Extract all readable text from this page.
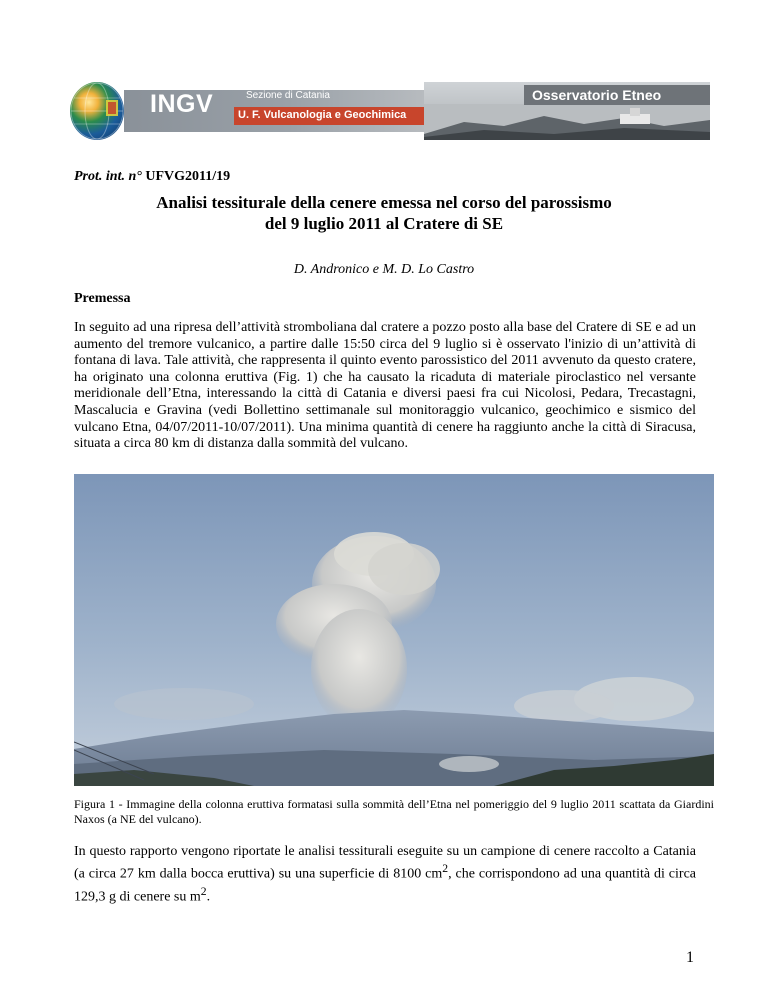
INGV	Sezione di Catania
U. F. Vulcanologia e Geochimica
Osservatorio Etneo
Prot. int. n° UFVG2011/19
Analisi tessiturale della cenere emessa nel corso del parossismo
del 9 luglio 2011 al Cratere di SE
D. Andronico e M. D. Lo Castro
Premessa
In seguito ad una ripresa dell’attività stromboliana dal cratere a pozzo posto alla base del Cratere di SE e ad un aumento del tremore vulcanico, a partire dalle 15:50 circa del 9 luglio si è osservato l'inizio di un’attività di fontana di lava. Tale attività, che rappresenta il quinto evento parossistico del 2011 avvenuto da questo cratere, ha originato una colonna eruttiva (Fig. 1) che ha causato la ricaduta di materiale piroclastico nel versante meridionale dell’Etna, interessando la città di Catania e diversi paesi fra cui Nicolosi, Pedara, Trecastagni, Mascalucia e Gravina (vedi Bollettino settimanale sul monitoraggio vulcanico, geochimico e sismico del vulcano Etna, 04/07/2011-10/07/2011). Una minima quantità di cenere ha raggiunto anche la città di Siracusa, situata a circa 80 km di distanza dalla sommità del vulcano.
Figura 1 - Immagine della colonna eruttiva formatasi sulla sommità dell’Etna nel pomeriggio del 9 luglio 2011 scattata da Giardini Naxos (a NE del vulcano).
In questo rapporto vengono riportate le analisi tessiturali eseguite su un campione di cenere raccolto a Catania (a circa 27 km dalla bocca eruttiva) su una superficie di 8100 $cm^2$, che corrispondono ad una quantità di circa 129,3 g di cenere su $m^2$.
1
